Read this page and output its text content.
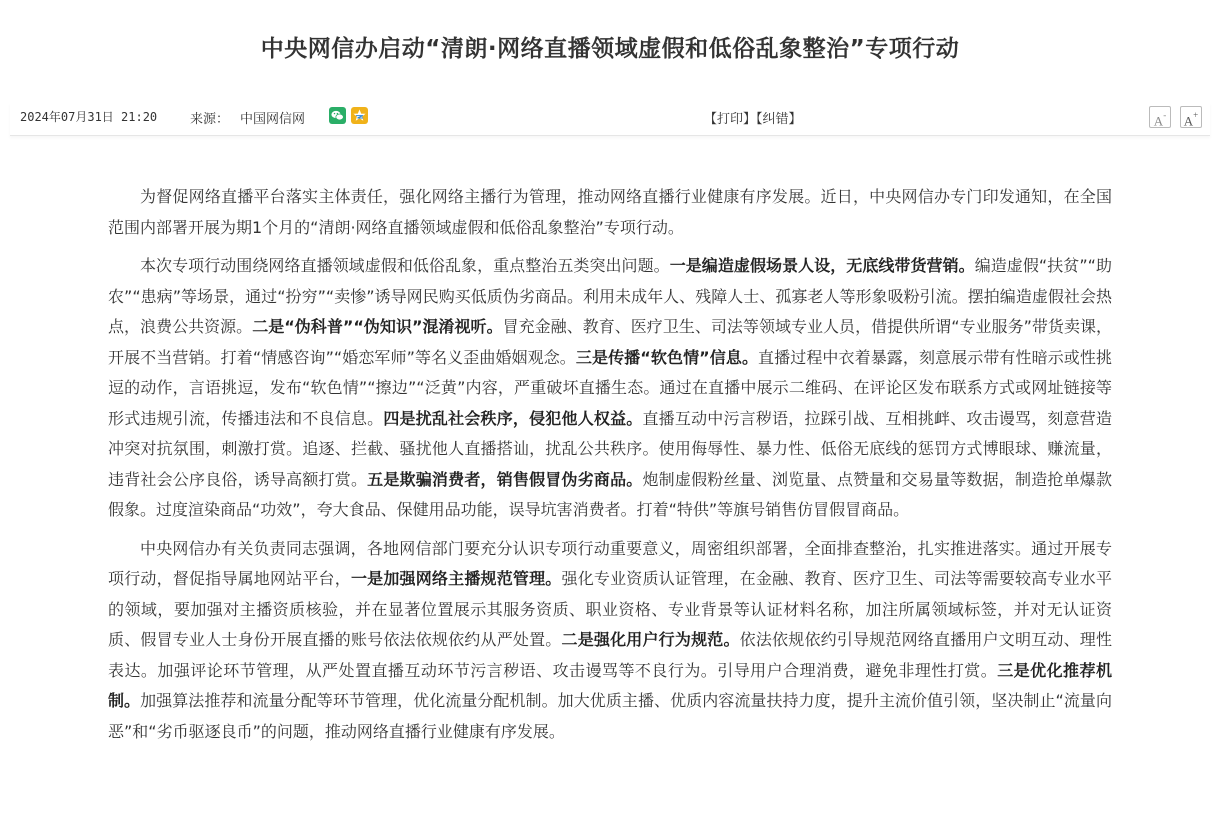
中央网信办启动“清朗·网络直播领域虚假和低俗乱象整治”专项行动
2024年07月31日 21:20	来源： 中国网信网	【打印】【纠错】	A-	A+

为督促网络直播平台落实主体责任，强化网络主播行为管理，推动网络直播行业健康有序发展。近日，中央网信办专门印发通知，在全国范围内部署开展为期1个月的“清朗·网络直播领域虚假和低俗乱象整治”专项行动。

本次专项行动围绕网络直播领域虚假和低俗乱象，重点整治五类突出问题。一是编造虚假场景人设，无底线带货营销。编造虚假“扶贫”“助农”“患病”等场景，通过“扮穷”“卖惨”诱导网民购买低质伪劣商品。利用未成年人、残障人士、孤寡老人等形象吸粉引流。摆拍编造虚假社会热点，浪费公共资源。二是“伪科普”“伪知识”混淆视听。冒充金融、教育、医疗卫生、司法等领域专业人员，借提供所谓“专业服务”带货卖课，开展不当营销。打着“情感咨询”“婚恋军师”等名义歪曲婚姻观念。三是传播“软色情”信息。直播过程中衣着暴露，刻意展示带有性暗示或性挑逗的动作，言语挑逗，发布“软色情”“擦边”“泛黄”内容，严重破坏直播生态。通过在直播中展示二维码、在评论区发布联系方式或网址链接等形式违规引流，传播违法和不良信息。四是扰乱社会秩序，侵犯他人权益。直播互动中污言秽语，拉踩引战、互相挑衅、攻击谩骂，刻意营造冲突对抗氛围，刺激打赏。追逐、拦截、骚扰他人直播搭讪，扰乱公共秩序。使用侮辱性、暴力性、低俗无底线的惩罚方式博眼球、赚流量，违背社会公序良俗，诱导高额打赏。五是欺骗消费者，销售假冒伪劣商品。炮制虚假粉丝量、浏览量、点赞量和交易量等数据，制造抢单爆款假象。过度渲染商品“功效”，夸大食品、保健用品功能，误导坑害消费者。打着“特供”等旗号销售仿冒假冒商品。

中央网信办有关负责同志强调，各地网信部门要充分认识专项行动重要意义，周密组织部署，全面排查整治，扎实推进落实。通过开展专项行动，督促指导属地网站平台，一是加强网络主播规范管理。强化专业资质认证管理，在金融、教育、医疗卫生、司法等需要较高专业水平的领域，要加强对主播资质核验，并在显著位置展示其服务资质、职业资格、专业背景等认证材料名称，加注所属领域标签，并对无认证资质、假冒专业人士身份开展直播的账号依法依规依约从严处置。二是强化用户行为规范。依法依规依约引导规范网络直播用户文明互动、理性表达。加强评论环节管理，从严处置直播互动环节污言秽语、攻击谩骂等不良行为。引导用户合理消费，避免非理性打赏。三是优化推荐机制。加强算法推荐和流量分配等环节管理，优化流量分配机制。加大优质主播、优质内容流量扶持力度，提升主流价值引领，坚决制止“流量向恶”和“劣币驱逐良币”的问题，推动网络直播行业健康有序发展。
